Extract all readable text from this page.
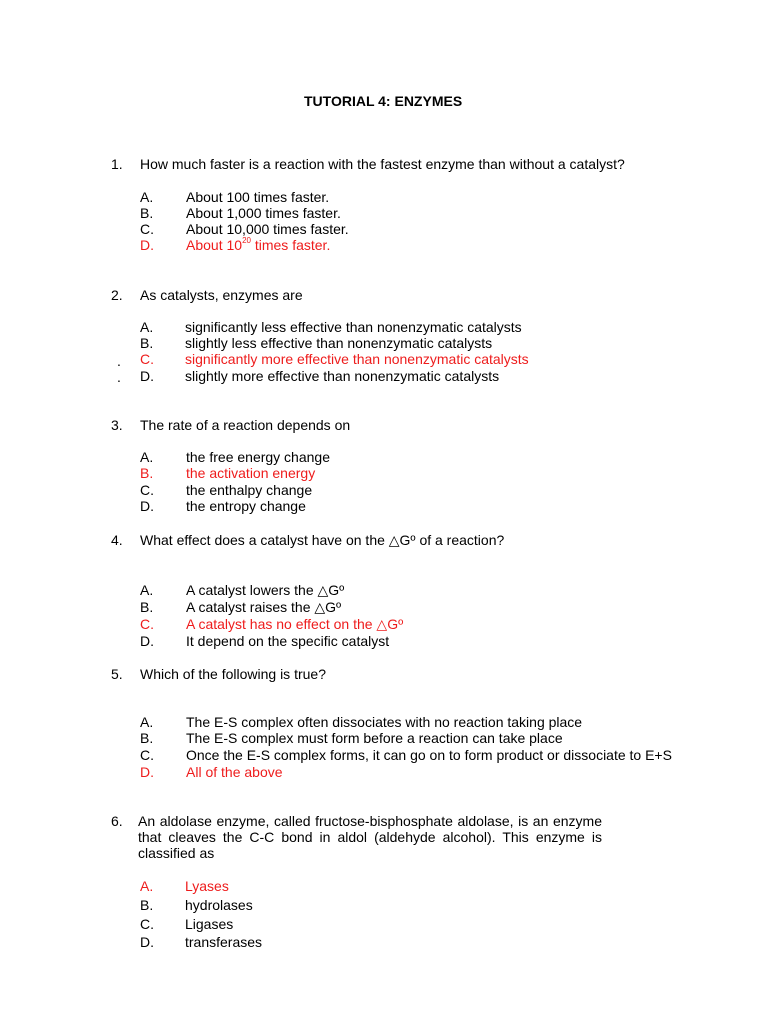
TUTORIAL 4: ENZYMES
1. How much faster is a reaction with the fastest enzyme than without a catalyst?
A. About 100 times faster.
B. About 1,000 times faster.
C. About 10,000 times faster.
D. About $10^{20}$ times faster.
2. As catalysts, enzymes are
A. significantly less effective than nonenzymatic catalysts
B. slightly less effective than nonenzymatic catalysts
. C. significantly more effective than nonenzymatic catalysts
. D. slightly more effective than nonenzymatic catalysts
3. The rate of a reaction depends on
A. the free energy change
B. the activation energy
C. the enthalpy change
D. the entropy change
4. What effect does a catalyst have on the △Gº of a reaction?
A. A catalyst lowers the △Gº
B. A catalyst raises the △Gº
C. A catalyst has no effect on the △Gº
D. It depend on the specific catalyst
5. Which of the following is true?
A. The E-S complex often dissociates with no reaction taking place
B. The E-S complex must form before a reaction can take place
C. Once the E-S complex forms, it can go on to form product or dissociate to E+S
D. All of the above
6. An aldolase enzyme, called fructose-bisphosphate aldolase, is an enzyme that cleaves the C-C bond in aldol (aldehyde alcohol). This enzyme is classified as
A. Lyases
B. hydrolases
C. Ligases
D. transferases
